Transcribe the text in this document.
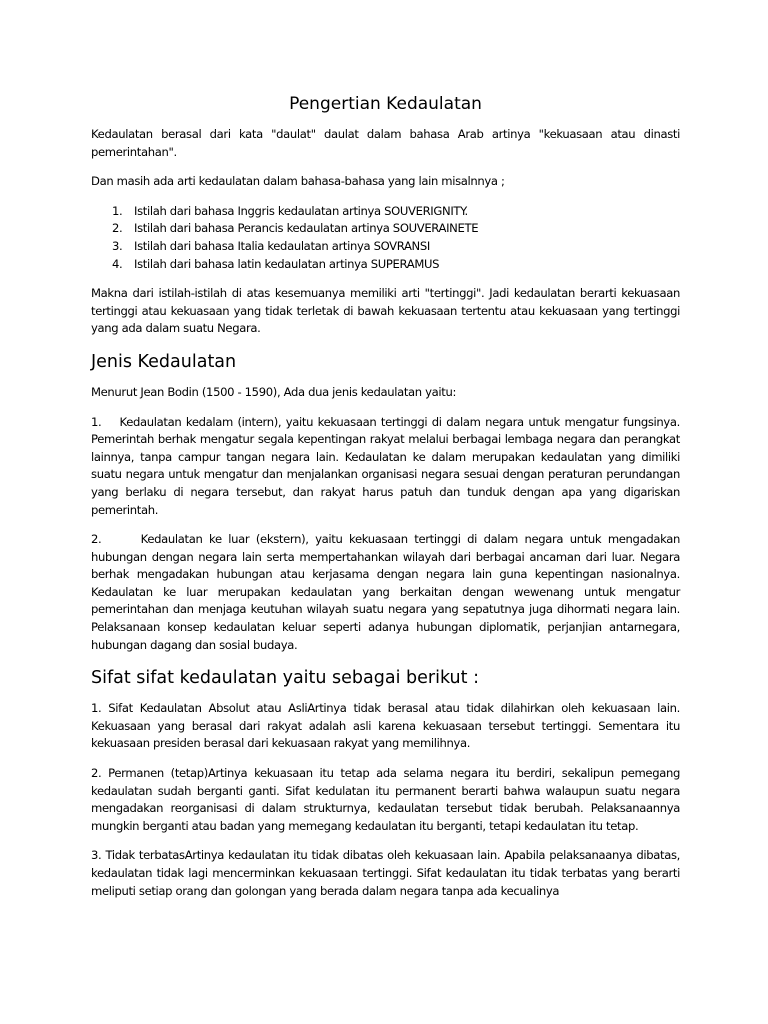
Pengertian Kedaulatan

Kedaulatan berasal dari kata "daulat" daulat dalam bahasa Arab artinya "kekuasaan atau dinasti pemerintahan".

Dan masih ada arti kedaulatan dalam bahasa-bahasa yang lain misalnnya ;

1.	Istilah dari bahasa Inggris kedaulatan artinya SOUVERIGNITY.
2.	Istilah dari bahasa Perancis kedaulatan artinya SOUVERAINETE
3.	Istilah dari bahasa Italia kedaulatan artinya SOVRANSI
4.	Istilah dari bahasa latin kedaulatan artinya SUPERAMUS

Makna dari istilah-istilah di atas kesemuanya memiliki arti "tertinggi". Jadi kedaulatan berarti kekuasaan tertinggi atau kekuasaan yang tidak terletak di bawah kekuasaan tertentu atau kekuasaan yang tertinggi yang ada dalam suatu Negara.

Jenis Kedaulatan

Menurut Jean Bodin (1500 - 1590), Ada dua jenis kedaulatan yaitu:

1.    Kedaulatan kedalam (intern), yaitu kekuasaan tertinggi di dalam negara untuk mengatur fungsinya. Pemerintah berhak mengatur segala kepentingan rakyat melalui berbagai lembaga negara dan perangkat lainnya, tanpa campur tangan negara lain. Kedaulatan ke dalam merupakan kedaulatan yang dimiliki suatu negara untuk mengatur dan menjalankan organisasi negara sesuai dengan peraturan perundangan yang berlaku di negara tersebut, dan rakyat harus patuh dan tunduk dengan apa yang digariskan pemerintah.

2.      Kedaulatan ke luar (ekstern), yaitu kekuasaan tertinggi di dalam negara untuk mengadakan hubungan dengan negara lain serta mempertahankan wilayah dari berbagai ancaman dari luar. Negara berhak mengadakan hubungan atau kerjasama dengan negara lain guna kepentingan nasionalnya. Kedaulatan ke luar merupakan kedaulatan yang berkaitan dengan wewenang untuk mengatur pemerintahan dan menjaga keutuhan wilayah suatu negara yang sepatutnya juga dihormati negara lain. Pelaksanaan konsep kedaulatan keluar seperti adanya hubungan diplomatik, perjanjian antarnegara, hubungan dagang dan sosial budaya.

Sifat sifat kedaulatan yaitu sebagai berikut :

1. Sifat Kedaulatan Absolut atau AsliArtinya tidak berasal atau tidak dilahirkan oleh kekuasaan lain. Kekuasaan yang berasal dari rakyat adalah asli karena kekuasaan tersebut tertinggi. Sementara itu kekuasaan presiden berasal dari kekuasaan rakyat yang memilihnya.

2. Permanen (tetap)Artinya kekuasaan itu tetap ada selama negara itu berdiri, sekalipun pemegang kedaulatan sudah berganti ganti. Sifat kedulatan itu permanent berarti bahwa walaupun suatu negara mengadakan reorganisasi di dalam strukturnya, kedaulatan tersebut tidak berubah. Pelaksanaannya mungkin berganti atau badan yang memegang kedaulatan itu berganti, tetapi kedaulatan itu tetap.

3. Tidak terbatasArtinya kedaulatan itu tidak dibatas oleh kekuasaan lain. Apabila pelaksanaanya dibatas, kedaulatan tidak lagi mencerminkan kekuasaan tertinggi. Sifat kedaulatan itu tidak terbatas yang berarti meliputi setiap orang dan golongan yang berada dalam negara tanpa ada kecualinya
